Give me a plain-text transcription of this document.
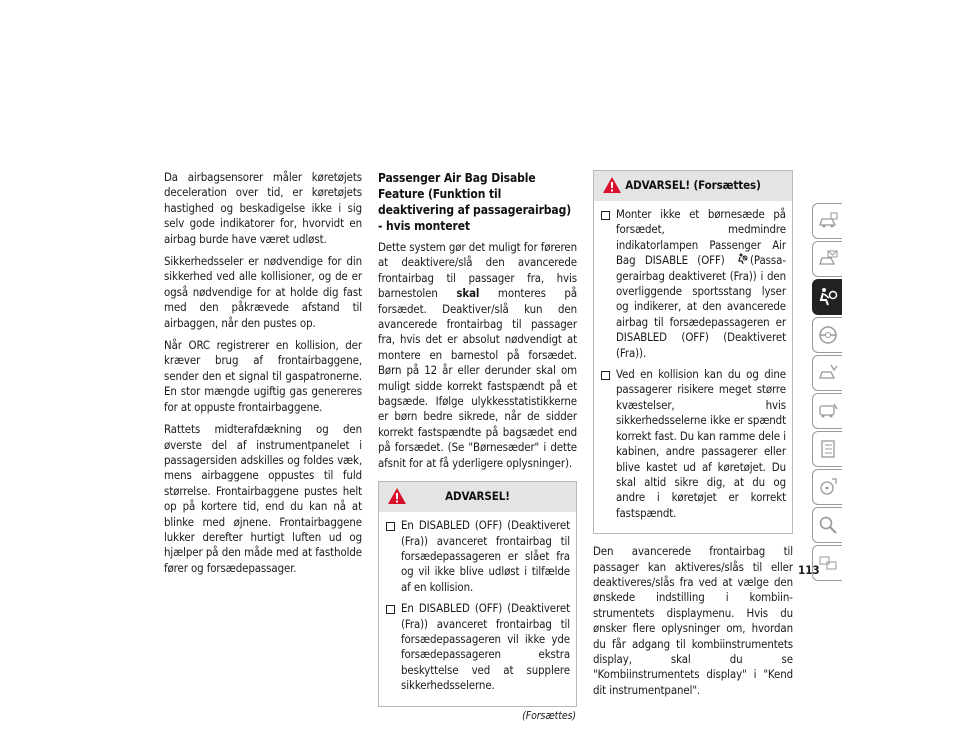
Da airbagsensorer måler køretøjets deceleration over tid, er køretøjets hastighed og beskadigelse ikke i sig selv gode indikatorer for, hvorvidt en airbag burde have været udløst.

Sikkerhedsseler er nødvendige for din sikkerhed ved alle kollisioner, og de er også nødvendige for at holde dig fast med den påkrævede afstand til airbaggen, når den pustes op.

Når ORC registrerer en kollision, der kræver brug af frontairbaggene, sender den et signal til gaspatronerne. En stor mængde ugiftig gas genereres for at oppuste frontairbaggene.

Rattets midterafdækning og den øverste del af instrumentpanelet i passagersiden adskilles og foldes væk, mens airbaggene oppustes til fuld størrelse. Frontairbaggene pustes helt op på kortere tid, end du kan nå at blinke med øjnene. Frontairbaggene lukker derefter hurtigt luften ud og hjælper på den måde med at fastholde fører og forsædepassager.

Passenger Air Bag Disable Feature (Funktion til deaktivering af passagerairbag) - hvis monteret

Dette system gør det muligt for føreren at deaktivere/slå den avancerede frontairbag til passager fra, hvis barnestolen skal monteres på forsædet. Deaktiver/slå kun den avancerede frontairbag til passager fra, hvis det er absolut nødvendigt at montere en barnestol på forsædet. Børn på 12 år eller derunder skal om muligt sidde korrekt fastspændt på et bagsæde. Ifølge ulykkesstatistikkerne er børn bedre sikrede, når de sidder korrekt fastspændte på bagsædet end på forsædet. (Se "Børnesæder" i dette afsnit for at få yderligere oplysninger).

ADVARSEL!
En DISABLED (OFF) (Deaktiveret (Fra)) avanceret frontairbag til forsædepassageren er slået fra og vil ikke blive udløst i tilfælde af en kollision.
En DISABLED (OFF) (Deaktiveret (Fra)) avanceret frontairbag til forsædepassageren vil ikke yde forsædepassageren ekstra beskyttelse ved at supplere sikkerhedsselerne.
(Forsættes)
ADVARSEL! (Forsættes)
Monter ikke et børnesæde på forsædet, medmindre indikatorlampen Passenger Air Bag DISABLE (OFF) (Passagerairbag deaktiveret (Fra)) i den overliggende sportsstang lyser og indikerer, at den avancerede airbag til forsædepassageren er DISABLED (OFF) (Deaktiveret (Fra)).
Ved en kollision kan du og dine passagerer risikere meget større kvæstelser, hvis sikkerhedsselerne ikke er spændt korrekt fast. Du kan ramme dele i kabinen, andre passagerer eller blive kastet ud af køretøjet. Du skal altid sikre dig, at du og andre i køretøjet er korrekt fastspændt.

Den avancerede frontairbag til passager kan aktiveres/slås til eller deaktiveres/slås fra ved at vælge den ønskede indstilling i kombiinstrumentets displaymenu. Hvis du ønsker flere oplysninger om, hvordan du får adgang til kombiinstrumentets display, skal du se "Kombiinstrumentets display" i "Kend dit instrumentpanel".

113
